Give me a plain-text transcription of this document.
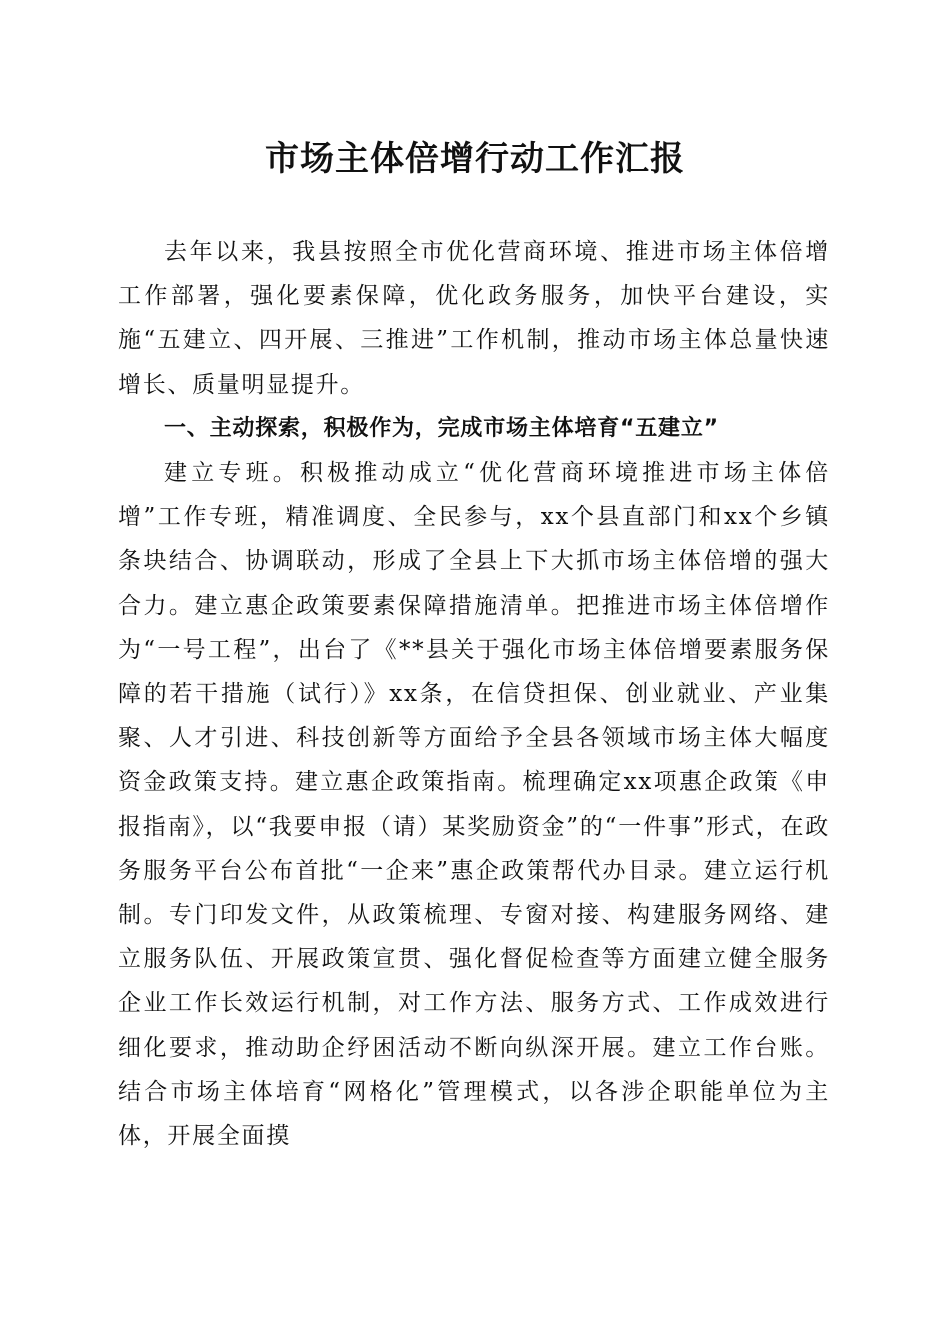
市场主体倍增行动工作汇报

去年以来，我县按照全市优化营商环境、推进市场主体倍增工作部署，强化要素保障，优化政务服务，加快平台建设，实施“五建立、四开展、三推进”工作机制，推动市场主体总量快速增长、质量明显提升。

一、主动探索，积极作为，完成市场主体培育“五建立”

建立专班。积极推动成立“优化营商环境推进市场主体倍增”工作专班，精准调度、全民参与，xx个县直部门和xx个乡镇条块结合、协调联动，形成了全县上下大抓市场主体倍增的强大合力。建立惠企政策要素保障措施清单。把推进市场主体倍增作为“一号工程”，出台了《**县关于强化市场主体倍增要素服务保障的若干措施（试行）》xx条，在信贷担保、创业就业、产业集聚、人才引进、科技创新等方面给予全县各领域市场主体大幅度资金政策支持。建立惠企政策指南。梳理确定xx项惠企政策《申报指南》，以“我要申报（请）某奖励资金”的“一件事”形式，在政务服务平台公布首批“一企来”惠企政策帮代办目录。建立运行机制。专门印发文件，从政策梳理、专窗对接、构建服务网络、建立服务队伍、开展政策宣贯、强化督促检查等方面建立健全服务企业工作长效运行机制，对工作方法、服务方式、工作成效进行细化要求，推动助企纾困活动不断向纵深开展。建立工作台账。结合市场主体培育“网格化”管理模式，以各涉企职能单位为主体，开展全面摸
